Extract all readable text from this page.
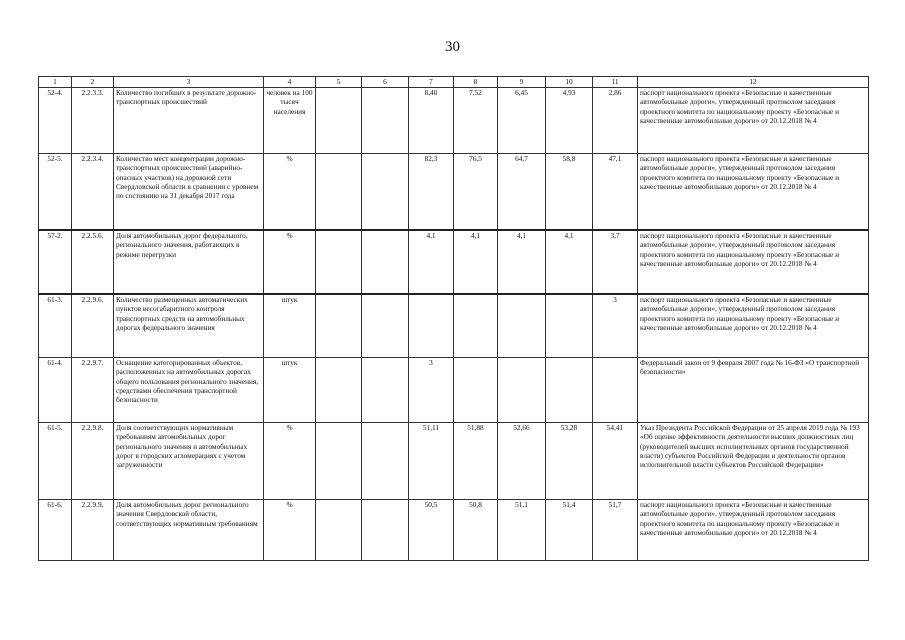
30
1	2	3	4	5	6	7	8	9	10	11	12
52-4.	2.2.3.3.	Количество погибших в результате дорожно-транспортных происшествий	человек на 100 тысяч населения			8,40	7,52	6,45	4,93	2,86	паспорт национального проекта «Безопасные и качественные автомобильные дороги», утвержденный протоколом заседания проектного комитета по национальному проекту «Безопасные и качественные автомобильные дороги» от 20.12.2018 № 4
52-5.	2.2.3.4.	Количество мест концентрации дорожно-транспортных происшествий (аварийно-опасных участков) на дорожной сети Свердловской области в сравнении с уровнем по состоянию на 31 декабря 2017 года	%			82,3	76,5	64,7	58,8	47,1	паспорт национального проекта «Безопасные и качественные автомобильные дороги», утвержденный протоколом заседания проектного комитета по национальному проекту «Безопасные и качественные автомобильные дороги» от 20.12.2018 № 4
57-2.	2.2.5.6.	Доля автомобильных дорог федерального, регионального значения, работающих в режиме перегрузки	%			4,1	4,1	4,1	4,1	3,7	паспорт национального проекта «Безопасные и качественные автомобильные дороги», утвержденный протоколом заседания проектного комитета по национальному проекту «Безопасные и качественные автомобильные дороги» от 20.12.2018 № 4
61-3.	2.2.9.6.	Количество размещенных автоматических пунктов весогабаритного контроля транспортных средств на автомобильных дорогах федерального значения	штук							3	паспорт национального проекта «Безопасные и качественные автомобильные дороги», утвержденный протоколом заседания проектного комитета по национальному проекту «Безопасные и качественные автомобильные дороги» от 20.12.2018 № 4
61-4.	2.2.9.7.	Оснащение категорированных объектов, расположенных на автомобильных дорогах общего пользования регионального значения, средствами обеспечения транспортной безопасности	штук			3					Федеральный закон от 9 февраля 2007 года № 16-ФЗ «О транспортной безопасности»
61-5.	2.2.9.8.	Доля соответствующих нормативным требованиям автомобильных дорог регионального значения и автомобильных дорог в городских агломерациях с учетом загруженности	%			51,11	51,88	52,66	53,28	54,41	Указ Президента Российской Федерации от 25 апреля 2019 года № 193 «Об оценке эффективности деятельности высших должностных лиц (руководителей высших исполнительных органов государственной власти) субъектов Российской Федерации и деятельности органов исполнительной власти субъектов Российской Федерации»
61-6.	2.2.9.9.	Доля автомобильных дорог регионального значения Свердловской области, соответствующих нормативным требованиям	%			50,5	50,8	51,1	51,4	51,7	паспорт национального проекта «Безопасные и качественные автомобильные дороги», утвержденный протоколом заседания проектного комитета по национальному проекту «Безопасные и качественные автомобильные дороги» от 20.12.2018 № 4
